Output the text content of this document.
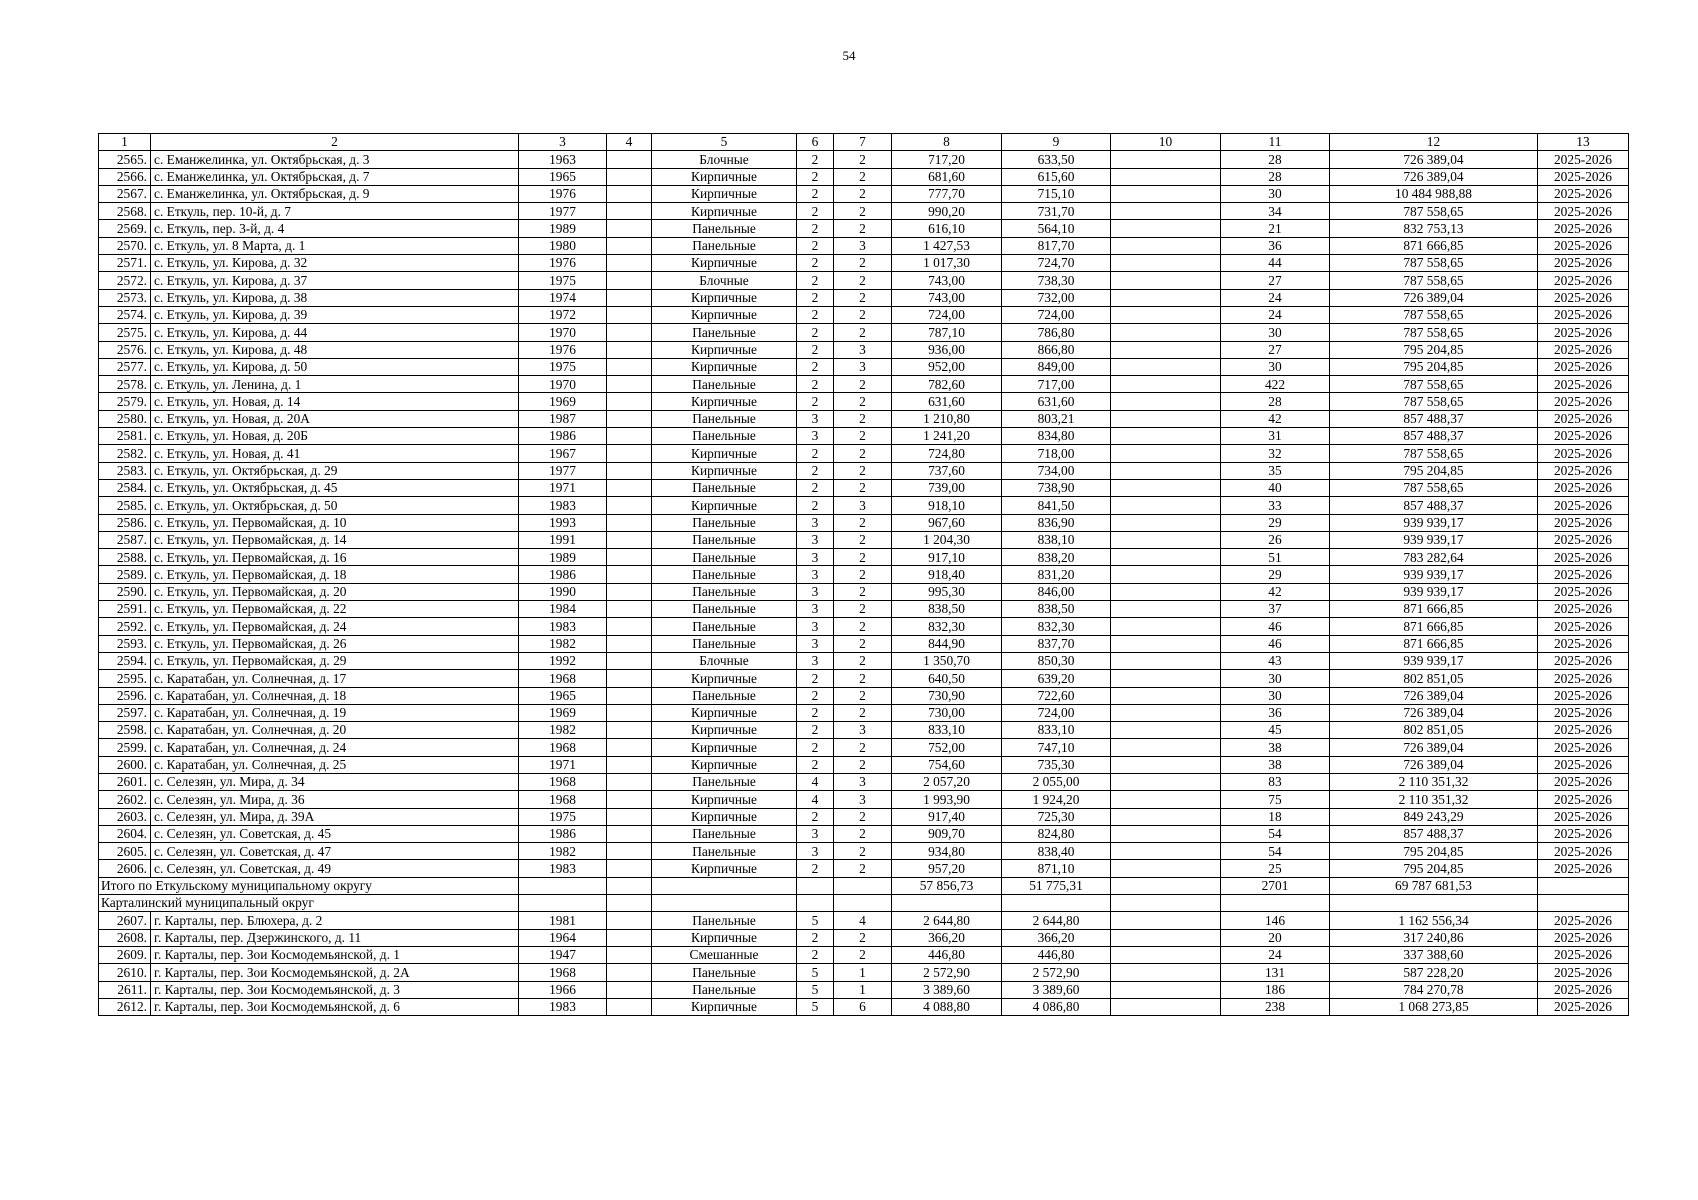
54
1	2	3	4	5	6	7	8	9	10	11	12	13
2565.	с. Еманжелинка, ул. Октябрьская, д. 3	1963		Блочные	2	2	717,20	633,50		28	726 389,04	2025-2026
2566.	с. Еманжелинка, ул. Октябрьская, д. 7	1965		Кирпичные	2	2	681,60	615,60		28	726 389,04	2025-2026
2567.	с. Еманжелинка, ул. Октябрьская, д. 9	1976		Кирпичные	2	2	777,70	715,10		30	10 484 988,88	2025-2026
2568.	с. Еткуль, пер. 10-й, д. 7	1977		Кирпичные	2	2	990,20	731,70		34	787 558,65	2025-2026
2569.	с. Еткуль, пер. 3-й, д. 4	1989		Панельные	2	2	616,10	564,10		21	832 753,13	2025-2026
2570.	с. Еткуль, ул. 8 Марта, д. 1	1980		Панельные	2	3	1 427,53	817,70		36	871 666,85	2025-2026
2571.	с. Еткуль, ул. Кирова, д. 32	1976		Кирпичные	2	2	1 017,30	724,70		44	787 558,65	2025-2026
2572.	с. Еткуль, ул. Кирова, д. 37	1975		Блочные	2	2	743,00	738,30		27	787 558,65	2025-2026
2573.	с. Еткуль, ул. Кирова, д. 38	1974		Кирпичные	2	2	743,00	732,00		24	726 389,04	2025-2026
2574.	с. Еткуль, ул. Кирова, д. 39	1972		Кирпичные	2	2	724,00	724,00		24	787 558,65	2025-2026
2575.	с. Еткуль, ул. Кирова, д. 44	1970		Панельные	2	2	787,10	786,80		30	787 558,65	2025-2026
2576.	с. Еткуль, ул. Кирова, д. 48	1976		Кирпичные	2	3	936,00	866,80		27	795 204,85	2025-2026
2577.	с. Еткуль, ул. Кирова, д. 50	1975		Кирпичные	2	3	952,00	849,00		30	795 204,85	2025-2026
2578.	с. Еткуль, ул. Ленина, д. 1	1970		Панельные	2	2	782,60	717,00		422	787 558,65	2025-2026
2579.	с. Еткуль, ул. Новая, д. 14	1969		Кирпичные	2	2	631,60	631,60		28	787 558,65	2025-2026
2580.	с. Еткуль, ул. Новая, д. 20А	1987		Панельные	3	2	1 210,80	803,21		42	857 488,37	2025-2026
2581.	с. Еткуль, ул. Новая, д. 20Б	1986		Панельные	3	2	1 241,20	834,80		31	857 488,37	2025-2026
2582.	с. Еткуль, ул. Новая, д. 41	1967		Кирпичные	2	2	724,80	718,00		32	787 558,65	2025-2026
2583.	с. Еткуль, ул. Октябрьская, д. 29	1977		Кирпичные	2	2	737,60	734,00		35	795 204,85	2025-2026
2584.	с. Еткуль, ул. Октябрьская, д. 45	1971		Панельные	2	2	739,00	738,90		40	787 558,65	2025-2026
2585.	с. Еткуль, ул. Октябрьская, д. 50	1983		Кирпичные	2	3	918,10	841,50		33	857 488,37	2025-2026
2586.	с. Еткуль, ул. Первомайская, д. 10	1993		Панельные	3	2	967,60	836,90		29	939 939,17	2025-2026
2587.	с. Еткуль, ул. Первомайская, д. 14	1991		Панельные	3	2	1 204,30	838,10		26	939 939,17	2025-2026
2588.	с. Еткуль, ул. Первомайская, д. 16	1989		Панельные	3	2	917,10	838,20		51	783 282,64	2025-2026
2589.	с. Еткуль, ул. Первомайская, д. 18	1986		Панельные	3	2	918,40	831,20		29	939 939,17	2025-2026
2590.	с. Еткуль, ул. Первомайская, д. 20	1990		Панельные	3	2	995,30	846,00		42	939 939,17	2025-2026
2591.	с. Еткуль, ул. Первомайская, д. 22	1984		Панельные	3	2	838,50	838,50		37	871 666,85	2025-2026
2592.	с. Еткуль, ул. Первомайская, д. 24	1983		Панельные	3	2	832,30	832,30		46	871 666,85	2025-2026
2593.	с. Еткуль, ул. Первомайская, д. 26	1982		Панельные	3	2	844,90	837,70		46	871 666,85	2025-2026
2594.	с. Еткуль, ул. Первомайская, д. 29	1992		Блочные	3	2	1 350,70	850,30		43	939 939,17	2025-2026
2595.	с. Каратабан, ул. Солнечная, д. 17	1968		Кирпичные	2	2	640,50	639,20		30	802 851,05	2025-2026
2596.	с. Каратабан, ул. Солнечная, д. 18	1965		Панельные	2	2	730,90	722,60		30	726 389,04	2025-2026
2597.	с. Каратабан, ул. Солнечная, д. 19	1969		Кирпичные	2	2	730,00	724,00		36	726 389,04	2025-2026
2598.	с. Каратабан, ул. Солнечная, д. 20	1982		Кирпичные	2	3	833,10	833,10		45	802 851,05	2025-2026
2599.	с. Каратабан, ул. Солнечная, д. 24	1968		Кирпичные	2	2	752,00	747,10		38	726 389,04	2025-2026
2600.	с. Каратабан, ул. Солнечная, д. 25	1971		Кирпичные	2	2	754,60	735,30		38	726 389,04	2025-2026
2601.	с. Селезян, ул. Мира, д. 34	1968		Панельные	4	3	2 057,20	2 055,00		83	2 110 351,32	2025-2026
2602.	с. Селезян, ул. Мира, д. 36	1968		Кирпичные	4	3	1 993,90	1 924,20		75	2 110 351,32	2025-2026
2603.	с. Селезян, ул. Мира, д. 39А	1975		Кирпичные	2	2	917,40	725,30		18	849 243,29	2025-2026
2604.	с. Селезян, ул. Советская, д. 45	1986		Панельные	3	2	909,70	824,80		54	857 488,37	2025-2026
2605.	с. Селезян, ул. Советская, д. 47	1982		Панельные	3	2	934,80	838,40		54	795 204,85	2025-2026
2606.	с. Селезян, ул. Советская, д. 49	1983		Кирпичные	2	2	957,20	871,10		25	795 204,85	2025-2026
Итого по Еткульскому муниципальному округу							57 856,73	51 775,31		2701	69 787 681,53	
Карталинский муниципальный округ												
2607.	г. Карталы, пер. Блюхера, д. 2	1981		Панельные	5	4	2 644,80	2 644,80		146	1 162 556,34	2025-2026
2608.	г. Карталы, пер. Дзержинского, д. 11	1964		Кирпичные	2	2	366,20	366,20		20	317 240,86	2025-2026
2609.	г. Карталы, пер. Зои Космодемьянской, д. 1	1947		Смешанные	2	2	446,80	446,80		24	337 388,60	2025-2026
2610.	г. Карталы, пер. Зои Космодемьянской, д. 2А	1968		Панельные	5	1	2 572,90	2 572,90		131	587 228,20	2025-2026
2611.	г. Карталы, пер. Зои Космодемьянской, д. 3	1966		Панельные	5	1	3 389,60	3 389,60		186	784 270,78	2025-2026
2612.	г. Карталы, пер. Зои Космодемьянской, д. 6	1983		Кирпичные	5	6	4 088,80	4 086,80		238	1 068 273,85	2025-2026
